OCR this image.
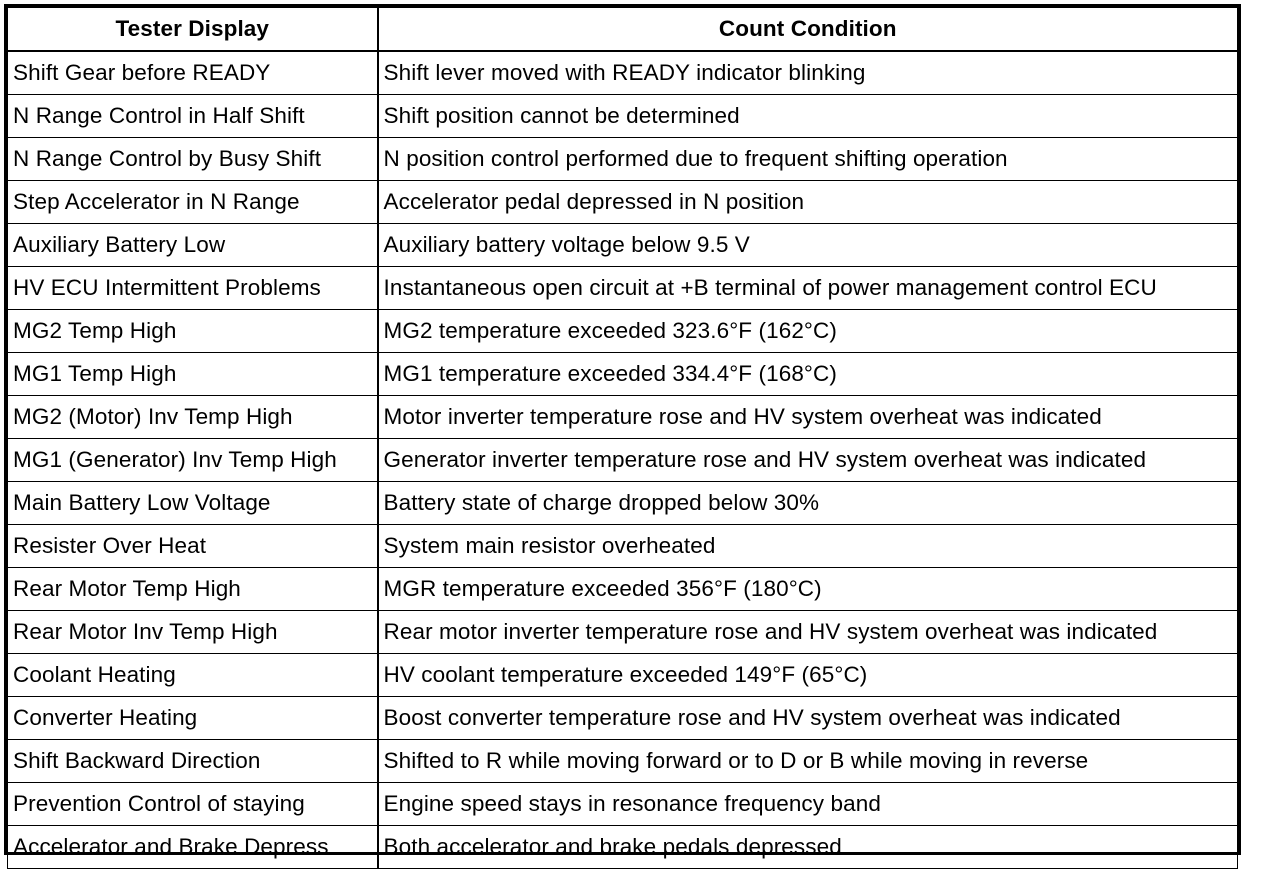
Tester Display	Count Condition
Shift Gear before READY	Shift lever moved with READY indicator blinking
N Range Control in Half Shift	Shift position cannot be determined
N Range Control by Busy Shift	N position control performed due to frequent shifting operation
Step Accelerator in N Range	Accelerator pedal depressed in N position
Auxiliary Battery Low	Auxiliary battery voltage below 9.5 V
HV ECU Intermittent Problems	Instantaneous open circuit at +B terminal of power management control ECU
MG2 Temp High	MG2 temperature exceeded 323.6°F (162°C)
MG1 Temp High	MG1 temperature exceeded 334.4°F (168°C)
MG2 (Motor) Inv Temp High	Motor inverter temperature rose and HV system overheat was indicated
MG1 (Generator) Inv Temp High	Generator inverter temperature rose and HV system overheat was indicated
Main Battery Low Voltage	Battery state of charge dropped below 30%
Resister Over Heat	System main resistor overheated
Rear Motor Temp High	MGR temperature exceeded 356°F (180°C)
Rear Motor Inv Temp High	Rear motor inverter temperature rose and HV system overheat was indicated
Coolant Heating	HV coolant temperature exceeded 149°F (65°C)
Converter Heating	Boost converter temperature rose and HV system overheat was indicated
Shift Backward Direction	Shifted to R while moving forward or to D or B while moving in reverse
Prevention Control of staying	Engine speed stays in resonance frequency band
Accelerator and Brake Depress	Both accelerator and brake pedals depressed
